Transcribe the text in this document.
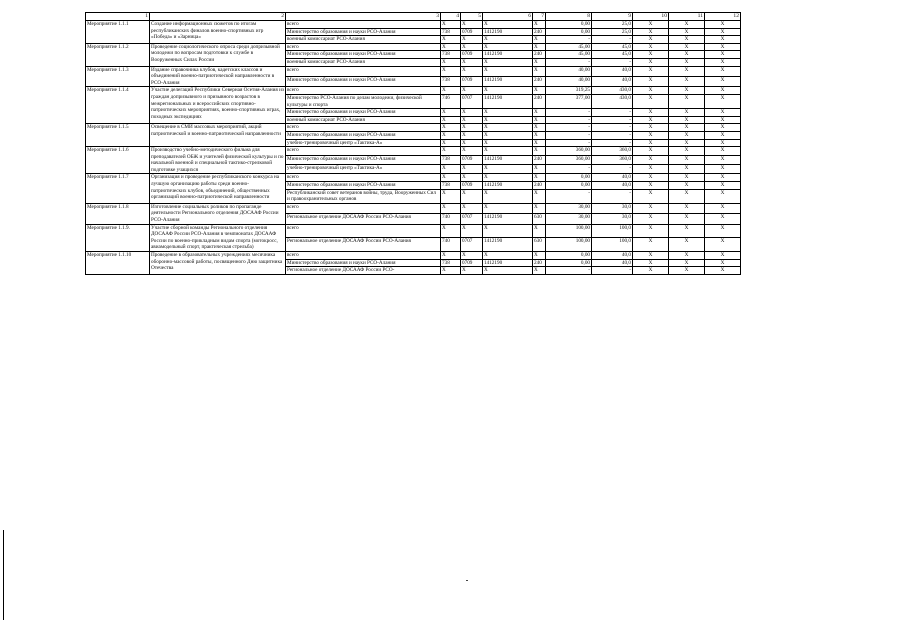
1	2	3	4	5	6	7	8	9	10	11	12
Мероприятие 1.1.1	Создание информационных сюжетов по итогам республиканских финалов военно-спортивных игр «Победа» и «Зарница»	всего	X	X	X	X	0,00	25,0	X	X	X
		Министерство образования и науки РСО-Алания	738	0709	1412190	240	0,00	25,0	X	X	X
		военный комиссариат РСО-Алания	X	X	X	X	-	-	X	X	X
Мероприятие 1.1.2	Проведение социологического опроса среди допризывной молодежи по вопросам подготовки к службе в Вооруженных Силах России	всего	X	X	X	X	45,00	45,0	X	X	X
		Министерство образования и науки РСО-Алания	738	0709	1412190	240	45,00	45,0	X	X	X
		военный комиссариат РСО-Алания	X	X	X	X	-	-	X	X	X
Мероприятие 1.1.3	Издание справочника клубов, кадетских классов и объединений военно-патриотической направленности в РСО-Алания	всего	X	X	X	X	40,00	40,0	X	X	X
		Министерство образования и науки РСО-Алания	738	0709	1412190	240	40,00	40,0	X	X	X
Мероприятие 1.1.4	Участие делегаций Республики Северная Осетия-Алания из граждан допризывного и призывного возрастов в межрегиональных и всероссийских спортивно-патриотических мероприятиях, военно-спортивных играх, походных экспедициях	всего	X	X	X	X	319,25	430,0	X	X	X
		Министерство РСО-Алания по делам молодежи, физической культуры и спорта	746	0707	1412190	240	377,00	430,0	X	X	X
		Министерство образования и науки РСО-Алания	X	X	X	X	-	-	X	X	X
		военный комиссариат РСО-Алания	X	X	X	X	-	-	X	X	X
Мероприятие 1.1.5	Освещение в СМИ массовых мероприятий, акций патриотической и военно-патриотической направленности	всего	X	X	X	X	-	-	X	X	X
		Министерство образования и науки РСО-Алания	X	X	X	X	-	-	X	X	X
		учебно-тренировочный центр «Тактика-А»	X	X	X	X	-	-	X	X	X
Мероприятие 1.1.6	Производство учебно-методического фильма для преподавателей ОБЖ и учителей физической культуры и по начальной военной и специальной тактико-стрелковой подготовке учащихся	всего	X	X	X	X	360,00	360,0	X	X	X
		Министерство образования и науки РСО-Алания	738	0709	1412190	240	360,00	360,0	X	X	X
		учебно-тренировочный центр «Тактика-А»	X	X	X	X	-	-	X	X	X
Мероприятие 1.1.7	Организация и проведение республиканского конкурса на лучшую организацию работы среди военно-патриотических клубов, объединений, общественных организаций военно-патриотической направленности	всего	X	X	X	X	0,00	40,0	X	X	X
		Министерство образования и науки РСО-Алания	738	0709	1412190	240	0,00	40,0	X	X	X
		Республиканский совет ветеранов войны, труда, Вооруженных Сил и правоохранительных органов	X	X	X	X	-	-	X	X	X
Мероприятие 1.1.8	Изготовление социальных роликов по пропаганде деятельности Регионального отделения ДОСААФ России РСО-Алания	всего	X	X	X	X	30,00	30,0	X	X	X
		Региональное отделение ДОСААФ России РСО-Алания	740	0707	1412190	630	30,00	30,0	X	X	X
Мероприятие 1.1.9.	Участие сборной команды Регионального отделения ДОСААФ России РСО-Алания в чемпионатах ДОСААФ России по военно-прикладным видам спорта (мотокросс, авиамодельный спорт, практическая стрельба)	всего	X	X	X	X	100,00	100,0	X	X	X
		Региональное отделение ДОСААФ России РСО-Алания	740	0707	1412190	630	100,00	100,0	X	X	X
Мероприятие 1.1.10	Проведение в образовательных учреждениях месячника оборонно-массовой работы, посвященного Дню защитника Отечества	всего	X	X	X	X	0,00	40,0	X	X	X
		Министерство образования и науки РСО-Алания	738	0709	1412190	240	0,00	40,0	X	X	X
		Региональное отделение ДОСААФ России РСО-	X	X	X	X	-	-	X	X	X
